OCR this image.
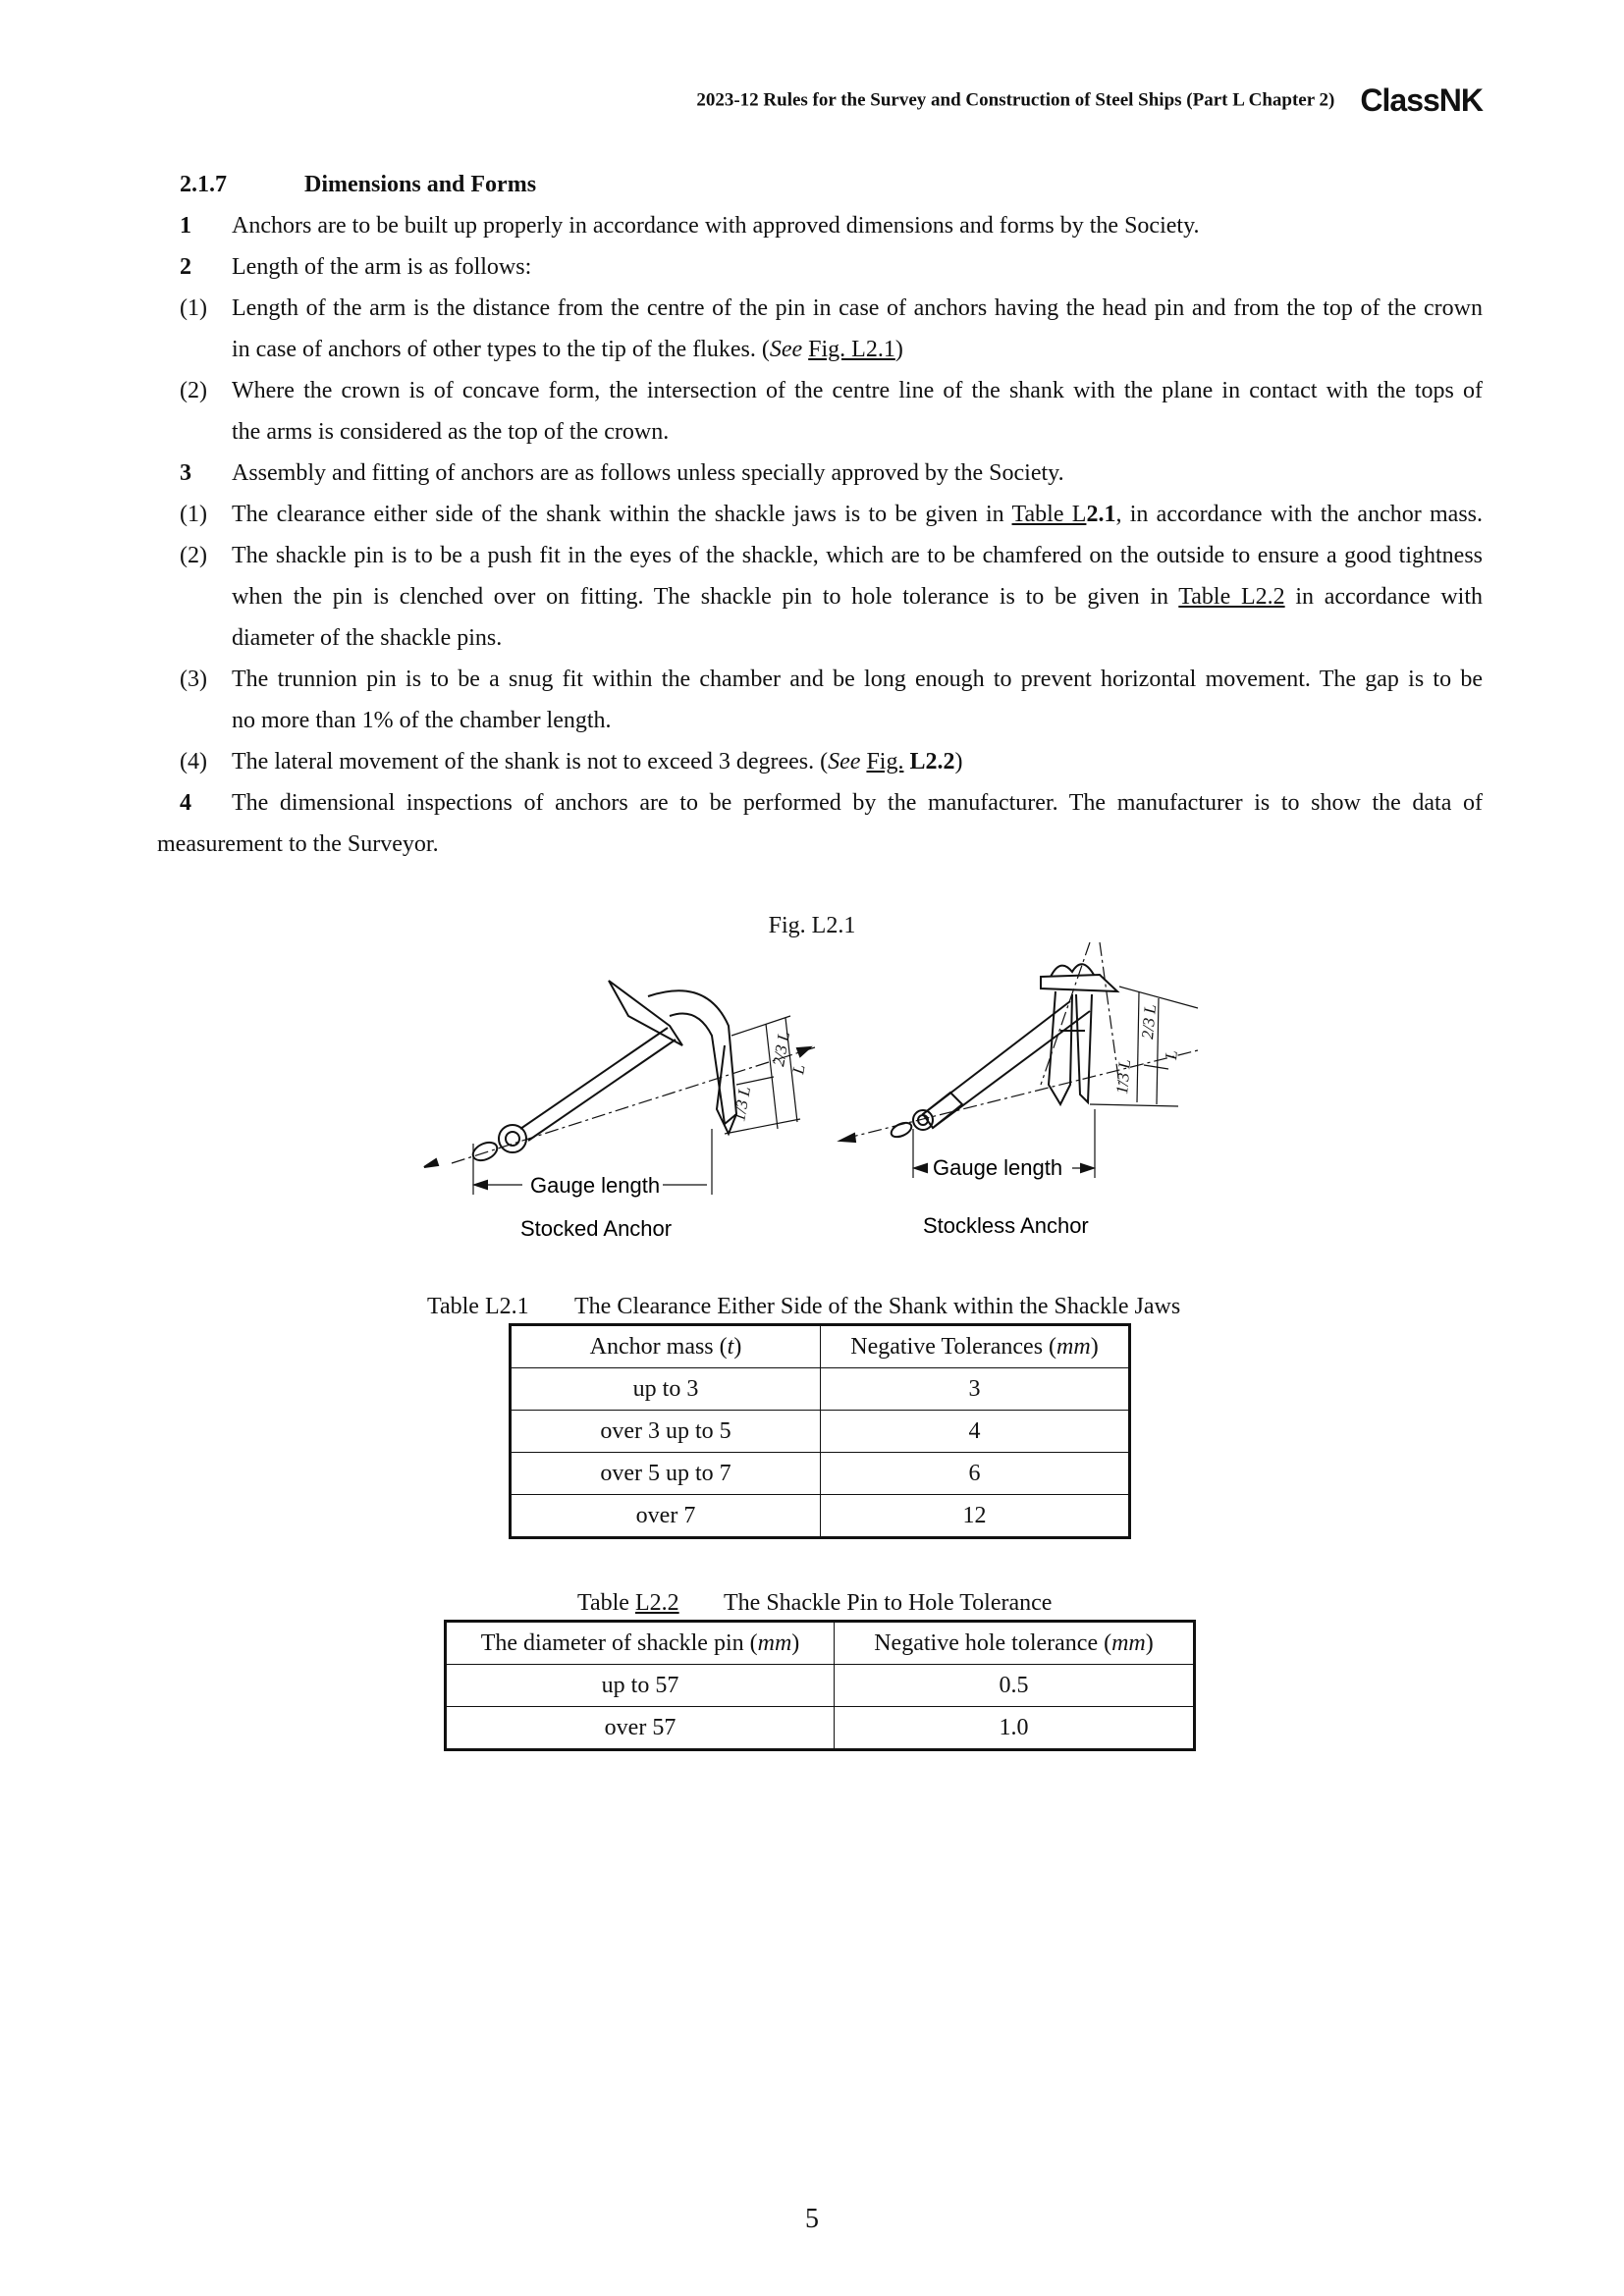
2023-12 Rules for the Survey and Construction of Steel Ships (Part L Chapter 2) ClassNK
2.1.7	Dimensions and Forms
1 Anchors are to be built up properly in accordance with approved dimensions and forms by the Society.
2 Length of the arm is as follows:
(1) Length of the arm is the distance from the centre of the pin in case of anchors having the head pin and from the top of the crown
in case of anchors of other types to the tip of the flukes. (See Fig. L2.1)
(2) Where the crown is of concave form, the intersection of the centre line of the shank with the plane in contact with the tops of
the arms is considered as the top of the crown.
3 Assembly and fitting of anchors are as follows unless specially approved by the Society.
(1) The clearance either side of the shank within the shackle jaws is to be given in Table L2.1, in accordance with the anchor mass.
(2) The shackle pin is to be a push fit in the eyes of the shackle, which are to be chamfered on the outside to ensure a good tightness
when the pin is clenched over on fitting. The shackle pin to hole tolerance is to be given in Table L2.2 in accordance with
diameter of the shackle pins.
(3) The trunnion pin is to be a snug fit within the chamber and be long enough to prevent horizontal movement. The gap is to be
no more than 1% of the chamber length.
(4) The lateral movement of the shank is not to exceed 3 degrees. (See Fig. L2.2)
4 The dimensional inspections of anchors are to be performed by the manufacturer. The manufacturer is to show the data of
measurement to the Surveyor.
Fig. L2.1
2/3 L
L
1/3 L
2/3 L
L
1/3 L
Gauge length
Gauge length
Stocked Anchor	Stockless Anchor
Table L2.1 The Clearance Either Side of the Shank within the Shackle Jaws
Anchor mass (t)	Negative Tolerances (mm)
up to 3	3
over 3 up to 5	4
over 5 up to 7	6
over 7	12
Table L2.2 The Shackle Pin to Hole Tolerance
The diameter of shackle pin (mm)	Negative hole tolerance (mm)
up to 57	0.5
over 57	1.0
5
